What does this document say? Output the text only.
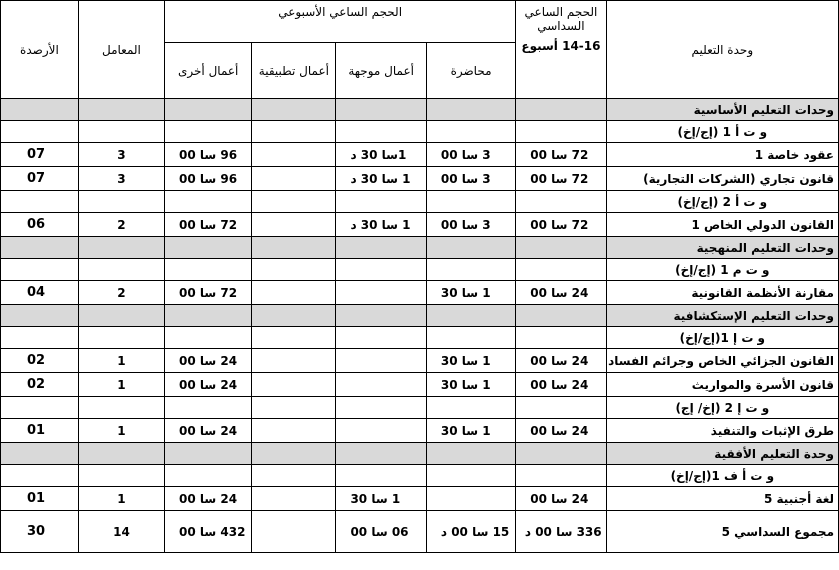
وحدة التعليم	الحجم الساعي السداسي
14-16 أسبوع	الحجم الساعي الأسبوعي				المعامل	الأرصدة
		محاضرة	أعمال موجهة	أعمال تطبيقية	أعمال أخرى		
وحدات التعليم الأساسية							
و ت أ 1 (إج/إخ)							
عقود خاصة 1	72 سا 00	3 سا 00	1سا 30 د		96 سا 00	3	07
قانون تجاري (الشركات التجارية)	72 سا 00	3 سا 00	1 سا 30 د		96 سا 00	3	07
و ت أ 2 (إج/إخ)							
القانون الدولي الخاص 1	72 سا 00	3 سا 00	1 سا 30 د		72 سا 00	2	06
وحدات التعليم المنهجية							
و ت م 1 (إج/إخ)							
مقارنة الأنظمة القانونية	24 سا 00	1 سا 30			72 سا 00	2	04
وحدات التعليم الإستكشافية							
و ت إ 1(إج/إخ)							
القانون الجزائي الخاص وجرائم الفساد	24 سا 00	1 سا 30			24 سا 00	1	02
قانون الأسرة والمواريث	24 سا 00	1 سا 30			24 سا 00	1	02
و ت إ 2 (إخ/ إج)							
طرق الإثبات والتنفيذ	24 سا 00	1 سا 30			24 سا 00	1	01
وحدة التعليم الأفقية							
و ت أ ف 1(إج/إخ)							
لغة أجنبية 5	24 سا 00		1 سا 30		24 سا 00	1	01
مجموع السداسي 5	336 سا 00 د	15 سا 00 د	06 سا 00		432 سا 00	14	30
